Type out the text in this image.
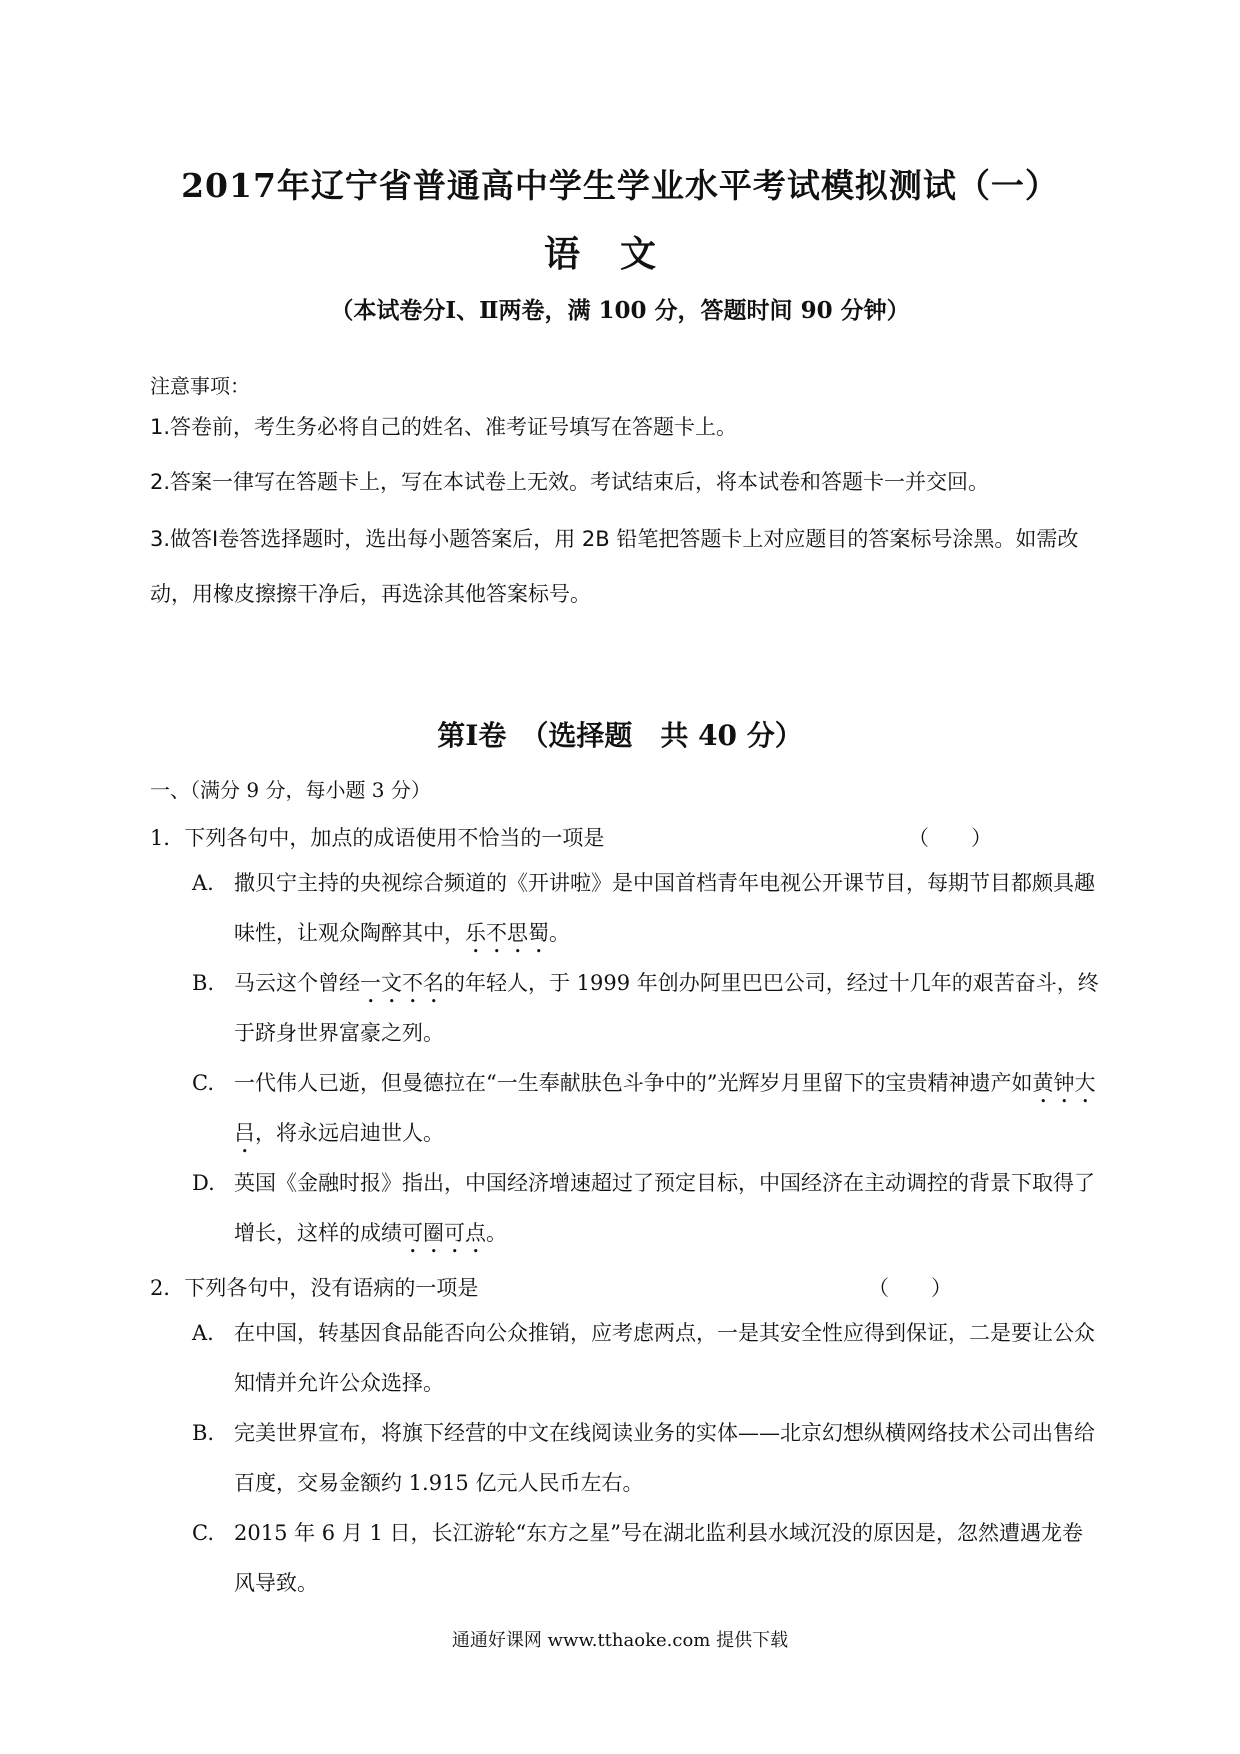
2017年辽宁省普通高中学生学业水平考试模拟测试（一）
语文
（本试卷分Ⅰ、Ⅱ两卷，满 100 分，答题时间 90 分钟）
注意事项：
1.答卷前，考生务必将自己的姓名、准考证号填写在答题卡上。
2.答案一律写在答题卡上，写在本试卷上无效。考试结束后，将本试卷和答题卡一并交回。
3.做答Ⅰ卷答选择题时，选出每小题答案后，用 2B 铅笔把答题卡上对应题目的答案标号涂黑。如需改动，用橡皮擦擦干净后，再选涂其他答案标号。
第Ⅰ卷　（选择题　共 40 分）
一、（满分 9 分，每小题 3 分）
1．下列各句中，加点的成语使用不恰当的一项是	（　　）
A. 撒贝宁主持的央视综合频道的《开讲啦》是中国首档青年电视公开课节目，每期节目都颇具趣味性，让观众陶醉其中，乐不思蜀。
B. 马云这个曾经一文不名的年轻人，于 1999 年创办阿里巴巴公司，经过十几年的艰苦奋斗，终于跻身世界富豪之列。
C. 一代伟人已逝，但曼德拉在“一生奉献肤色斗争中的”光辉岁月里留下的宝贵精神遗产如黄钟大吕，将永远启迪世人。
D. 英国《金融时报》指出，中国经济增速超过了预定目标，中国经济在主动调控的背景下取得了增长，这样的成绩可圈可点。
2．下列各句中，没有语病的一项是	（　　）
A. 在中国，转基因食品能否向公众推销，应考虑两点，一是其安全性应得到保证，二是要让公众知情并允许公众选择。
B. 完美世界宣布，将旗下经营的中文在线阅读业务的实体——北京幻想纵横网络技术公司出售给百度，交易金额约 1.915 亿元人民币左右。
C. 2015 年 6 月 1 日，长江游轮“东方之星”号在湖北监利县水域沉没的原因是，忽然遭遇龙卷风导致。
通通好课网 www.tthaoke.com 提供下载
